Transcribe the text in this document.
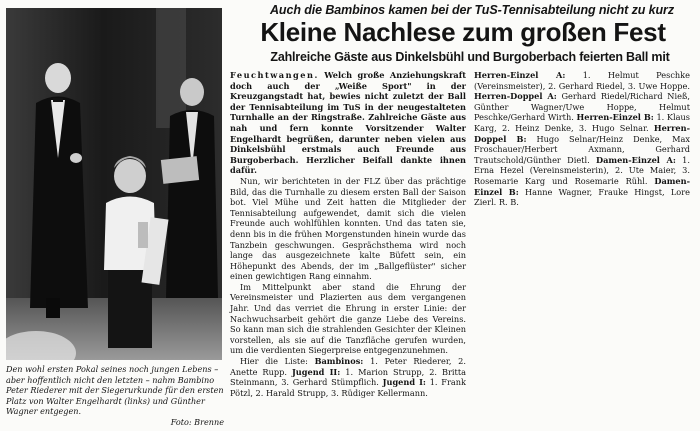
Auch die Bambinos kamen bei der TuS-Tennisabteilung nicht zu kurz
Kleine Nachlese zum großen Fest
Zahlreiche Gäste aus Dinkelsbühl und Burgoberbach feierten Ball mit
Den wohl ersten Pokal seines noch jungen Lebens – aber hoffentlich nicht den letzten – nahm Bambino Peter Riederer mit der Siegerurkunde für den ersten Platz von Walter Engelhardt (links) und Günther Wagner entgegen.
Foto: Brenne

Feuchtwangen. Welch große Anziehungskraft doch auch der „Weiße Sport" in der Kreuzgangstadt hat, bewies nicht zuletzt der Ball der Tennisabteilung im TuS in der neugestalteten Turnhalle an der Ringstraße. Zahlreiche Gäste aus nah und fern konnte Vorsitzender Walter Engelhardt begrüßen, darunter neben vielen aus Dinkelsbühl erstmals auch Freunde aus Burgoberbach. Herzlicher Beifall dankte ihnen dafür.

Nun, wir berichteten in der FLZ über das prächtige Bild, das die Turnhalle zu diesem ersten Ball der Saison bot. Viel Mühe und Zeit hatten die Mitglieder der Tennisabteilung aufgewendet, damit sich die vielen Freunde auch wohlfühlen konnten. Und das taten sie, denn bis in die frühen Morgenstunden hinein wurde das Tanzbein geschwungen. Gesprächsthema wird noch lange das ausgezeichnete kalte Büfett sein, ein Höhepunkt des Abends, der im „Ballgeflüster" sicher einen gewichtigen Rang einnahm.

Im Mittelpunkt aber stand die Ehrung der Vereinsmeister und Plazierten aus dem vergangenen Jahr. Und das verriet die Ehrung in erster Linie: der Nachwuchsarbeit gehört die ganze Liebe des Vereins. So kann man sich die strahlenden Gesichter der Kleinen vorstellen, als sie auf die Tanzfläche gerufen wurden, um die verdienten Siegerpreise entgegenzunehmen.

Hier die Liste: Bambinos: 1. Peter Riederer, 2. Anette Rupp. Jugend II: 1. Marion Strupp, 2. Britta Steinmann, 3. Gerhard Stümpflich. Jugend I: 1. Frank Pötzl, 2. Harald Strupp, 3. Rüdiger Kellermann.

Herren-Einzel A: 1. Helmut Peschke (Vereinsmeister), 2. Gerhard Riedel, 3. Uwe Hoppe. Herren-Doppel A: Gerhard Riedel/Richard Nieß, Günther Wagner/Uwe Hoppe, Helmut Peschke/Gerhard Wirth. Herren-Einzel B: 1. Klaus Karg, 2. Heinz Denke, 3. Hugo Selnar. Herren-Doppel B: Hugo Selnar/Heinz Denke, Max Froschauer/Herbert Axmann, Gerhard Trautschold/Günther Dietl. Damen-Einzel A: 1. Erna Hezel (Vereinsmeisterin), 2. Ute Maier, 3. Rosemarie Karg und Rosemarie Rühl. Damen-Einzel B: Hanne Wagner, Frauke Hingst, Lore Zierl. R. B.
